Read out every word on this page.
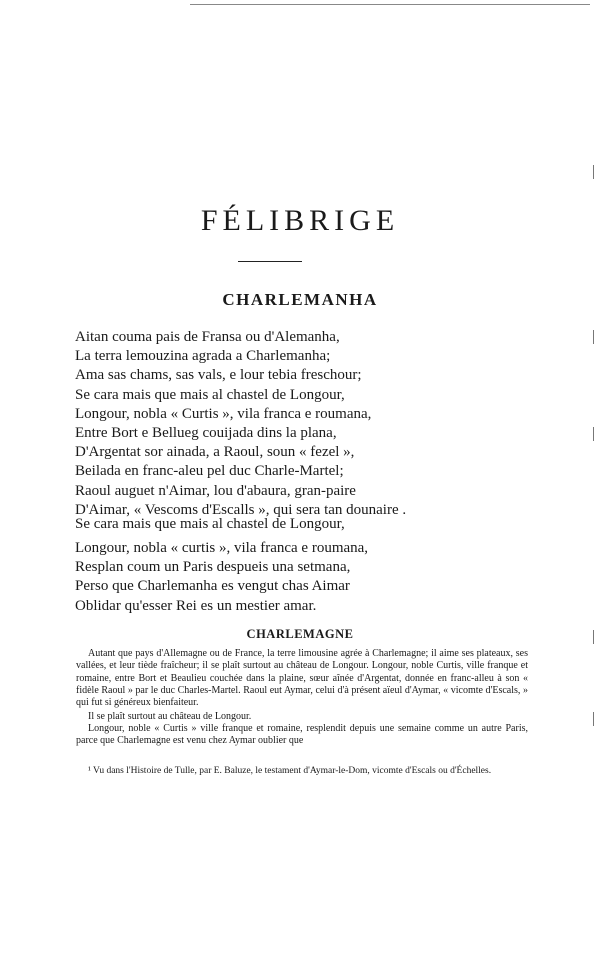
FÉLIBRIGE
CHARLEMANHA
Aitan couma pais de Fransa ou d'Alemanha,
La terra lemouzina agrada a Charlemanha;
Ama sas chams, sas vals, e lour tebia freschour;
Se cara mais que mais al chastel de Longour,
Longour, nobla « Curtis », vila franca e roumana,
Entre Bort e Bellueg couijada dins la plana,
D'Argentat sor ainada, a Raoul, soun « fezel »,
Beilada en franc-aleu pel duc Charle-Martel;
Raoul auguet n'Aimar, lou d'abaura, gran-paire
D'Aimar, « Vescoms d'Escalls », qui sera tan dounaire .
Se cara mais que mais al chastel de Longour,
Longour, nobla « curtis », vila franca e roumana,
Resplan coum un Paris despueis una setmana,
Perso que Charlemanha es vengut chas Aimar
Oblidar qu'esser Rei es un mestier amar.
CHARLEMAGNE

Autant que pays d'Allemagne ou de France, la terre limousine agrée à Charlemagne; il aime ses plateaux, ses vallées, et leur tiède fraîcheur; il se plaît surtout au château de Longour. Longour, noble Curtis, ville franque et romaine, entre Bort et Beaulieu couchée dans la plaine, sœur aînée d'Argentat, donnée en franc-alleu à son « fidèle Raoul » par le duc Charles-Martel. Raoul eut Aymar, celui d'à présent aïeul d'Aymar, « vicomte d'Escals, » qui fut si généreux bienfaiteur.

Il se plaît surtout au château de Longour.

Longour, noble « Curtis » ville franque et romaine, resplendit depuis une semaine comme un autre Paris, parce que Charlemagne est venu chez Aymar oublier que

¹ Vu dans l'Histoire de Tulle, par E. Baluze, le testament d'Aymar-le-Dom, vicomte d'Escals ou d'Échelles.
